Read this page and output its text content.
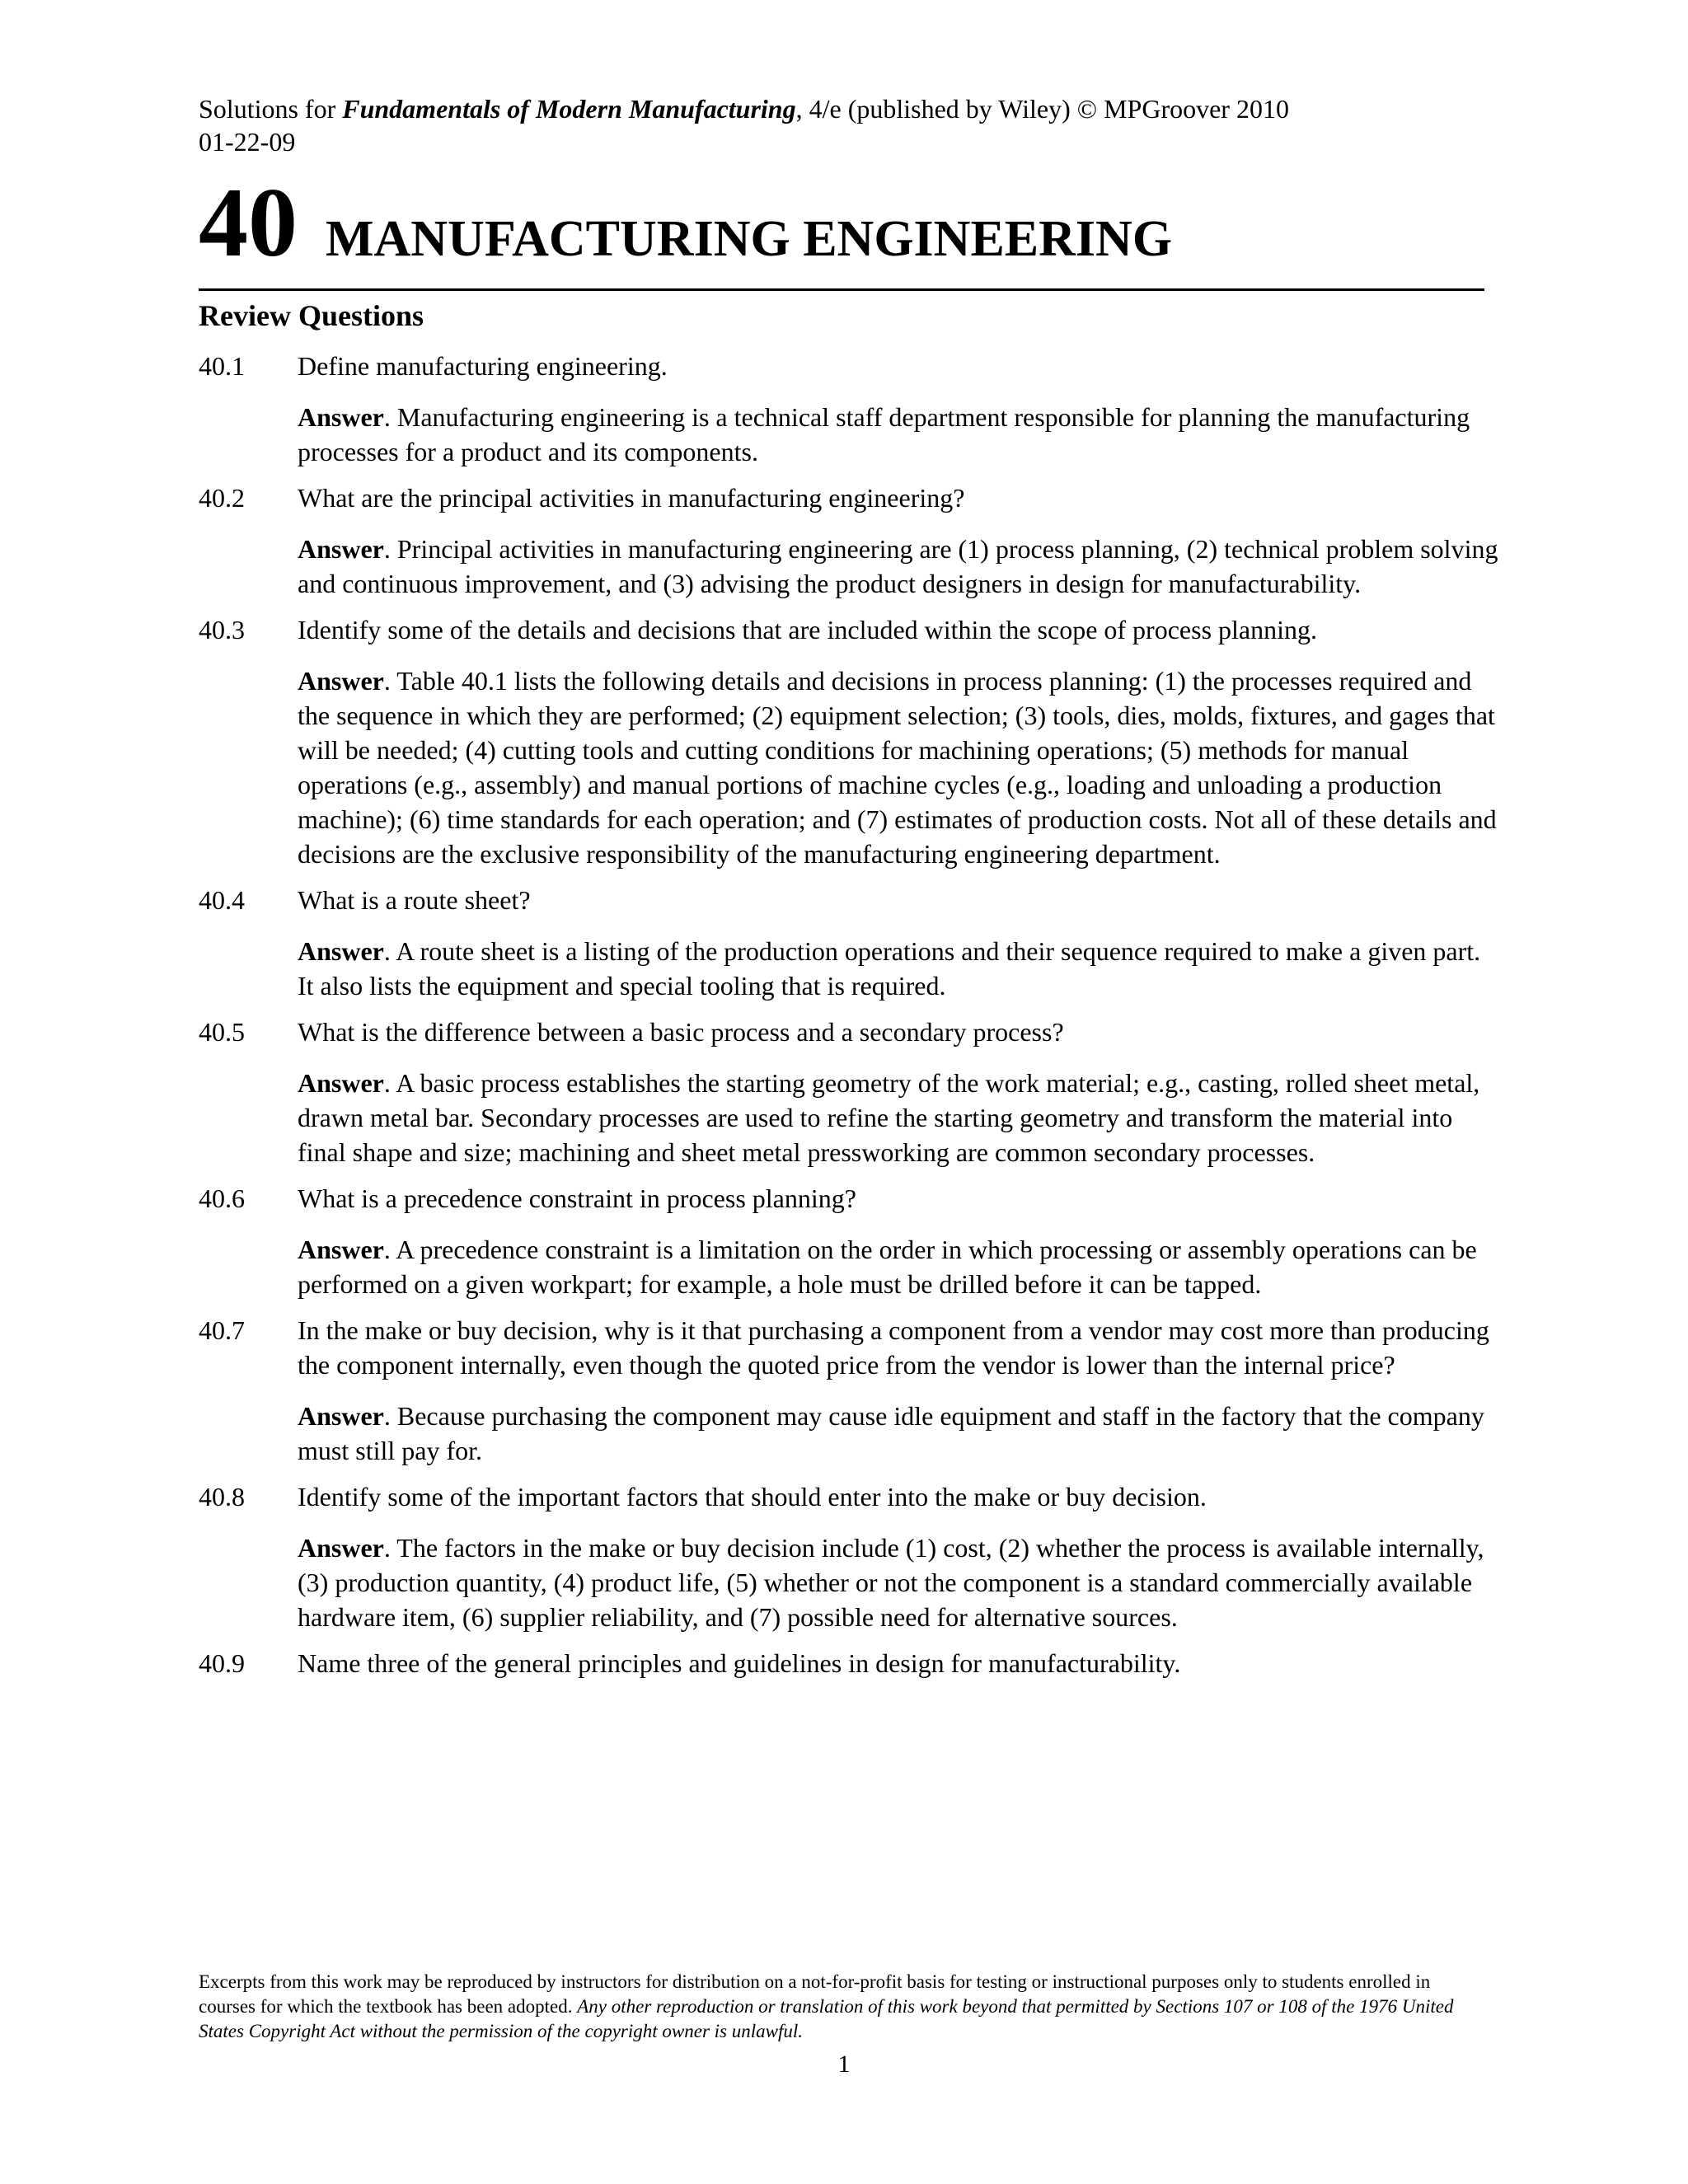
Solutions for Fundamentals of Modern Manufacturing, 4/e (published by Wiley) © MPGroover 2010
01-22-09
40 MANUFACTURING ENGINEERING
Review Questions
40.1 Define manufacturing engineering.
Answer. Manufacturing engineering is a technical staff department responsible for planning the manufacturing processes for a product and its components.
40.2 What are the principal activities in manufacturing engineering?
Answer. Principal activities in manufacturing engineering are (1) process planning, (2) technical problem solving and continuous improvement, and (3) advising the product designers in design for manufacturability.
40.3 Identify some of the details and decisions that are included within the scope of process planning.
Answer. Table 40.1 lists the following details and decisions in process planning: (1) the processes required and the sequence in which they are performed; (2) equipment selection; (3) tools, dies, molds, fixtures, and gages that will be needed; (4) cutting tools and cutting conditions for machining operations; (5) methods for manual operations (e.g., assembly) and manual portions of machine cycles (e.g., loading and unloading a production machine); (6) time standards for each operation; and (7) estimates of production costs. Not all of these details and decisions are the exclusive responsibility of the manufacturing engineering department.
40.4 What is a route sheet?
Answer. A route sheet is a listing of the production operations and their sequence required to make a given part. It also lists the equipment and special tooling that is required.
40.5 What is the difference between a basic process and a secondary process?
Answer. A basic process establishes the starting geometry of the work material; e.g., casting, rolled sheet metal, drawn metal bar. Secondary processes are used to refine the starting geometry and transform the material into final shape and size; machining and sheet metal pressworking are common secondary processes.
40.6 What is a precedence constraint in process planning?
Answer. A precedence constraint is a limitation on the order in which processing or assembly operations can be performed on a given workpart; for example, a hole must be drilled before it can be tapped.
40.7 In the make or buy decision, why is it that purchasing a component from a vendor may cost more than producing the component internally, even though the quoted price from the vendor is lower than the internal price?
Answer. Because purchasing the component may cause idle equipment and staff in the factory that the company must still pay for.
40.8 Identify some of the important factors that should enter into the make or buy decision.
Answer. The factors in the make or buy decision include (1) cost, (2) whether the process is available internally, (3) production quantity, (4) product life, (5) whether or not the component is a standard commercially available hardware item, (6) supplier reliability, and (7) possible need for alternative sources.
40.9 Name three of the general principles and guidelines in design for manufacturability.
Excerpts from this work may be reproduced by instructors for distribution on a not-for-profit basis for testing or instructional purposes only to students enrolled in courses for which the textbook has been adopted. Any other reproduction or translation of this work beyond that permitted by Sections 107 or 108 of the 1976 United States Copyright Act without the permission of the copyright owner is unlawful.
1
